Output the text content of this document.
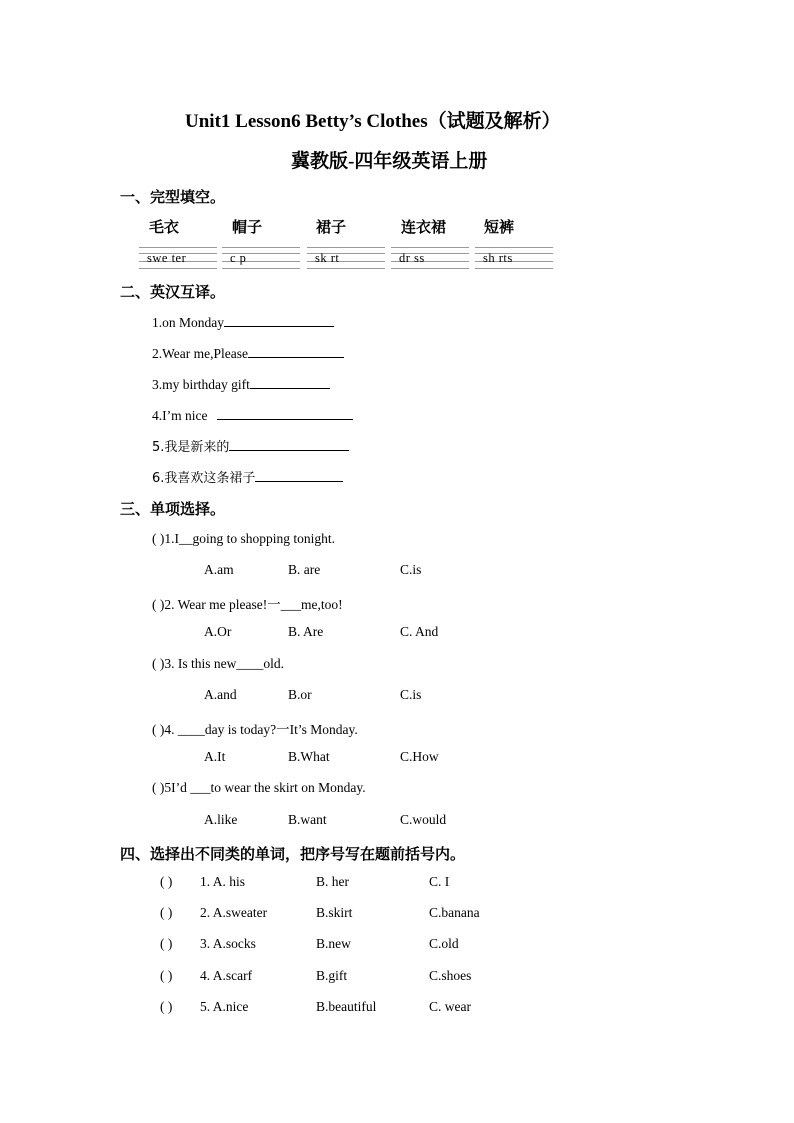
Unit1 Lesson6 Betty’s Clothes（试题及解析）
冀教版-四年级英语上册
一、完型填空。
毛衣	帽子	裙子	连衣裙	短裤
swe ter	c p	sk rt	dr ss	sh rts
二、英汉互译。
1.on Monday
2.Wear me,Please
3.my birthday gift
4.I’m nice
5.我是新来的
6.我喜欢这条裙子
三、单项选择。
( )1.I__going to shopping tonight.
A.am	B. are	C.is
( )2. Wear me please!一___me,too!
A.Or	B. Are	C. And
( )3. Is this new____old.
A.and	B.or	C.is
( )4. ____day is today?一It’s Monday.
A.It	B.What	C.How
( )5I’d ___to wear the skirt on Monday.
A.like	B.want	C.would
四、选择出不同类的单词，把序号写在题前括号内。
( ) 1. A. his	B. her	C. I
( ) 2. A.sweater	B.skirt	C.banana
( ) 3. A.socks	B.new	C.old
( ) 4. A.scarf	B.gift	C.shoes
( ) 5. A.nice	B.beautiful	C. wear
